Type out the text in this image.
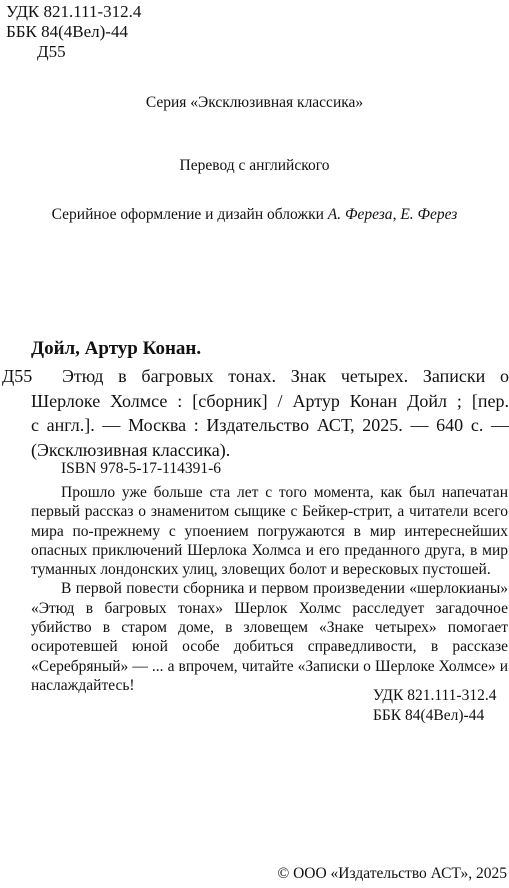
УДК 821.111-312.4
ББК 84(4Вел)-44
Д55
Серия «Эксклюзивная классика»
Перевод с английского
Серийное оформление и дизайн обложки А. Фереза, Е. Ферез
Дойл, Артур Конан.
Д55	Этюд в багровых тонах. Знак четырех. Записки о
Шерлоке Холмсе : [сборник] / Артур Конан Дойл ; [пер.
с англ.]. — Москва : Издательство АСТ, 2025. — 640 с. —
(Эксклюзивная классика).
ISBN 978-5-17-114391-6

Прошло уже больше ста лет с того момента, как был напечатан первый рассказ о знаменитом сыщике с Бейкер-стрит, а читатели всего мира по-прежнему с упоением погружаются в мир интереснейших опасных приключений Шерлока Холмса и его преданного друга, в мир туманных лондонских улиц, зловещих болот и вересковых пустошей.

В первой повести сборника и первом произведении «шерлокианы» «Этюд в багровых тонах» Шерлок Холмс расследует загадочное убийство в старом доме, в зловещем «Знаке четырех» помогает осиротевшей юной особе добиться справедливости, в рассказе «Серебряный» — ... а впрочем, читайте «Записки о Шерлоке Холмсе» и наслаждайтесь!

УДК 821.111-312.4
ББК 84(4Вел)-44
© ООО «Издательство АСТ», 2025
